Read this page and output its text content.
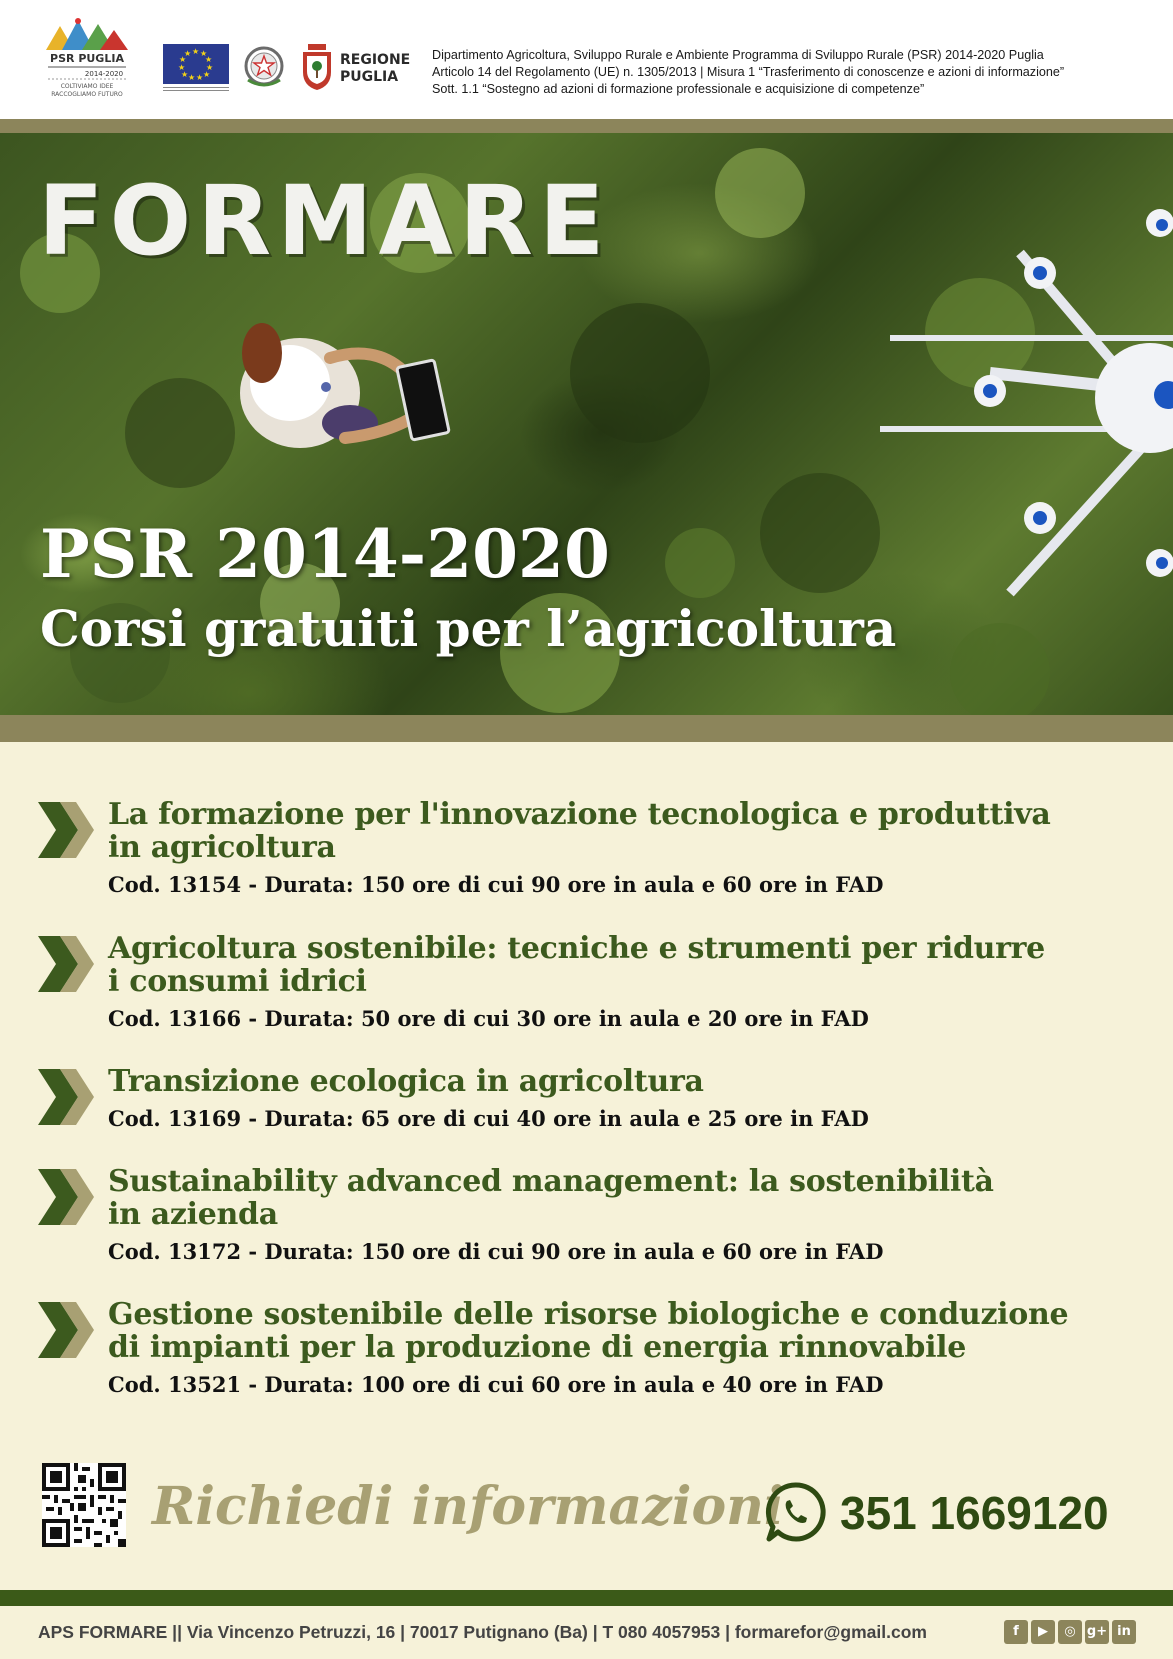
PSR PUGLIA
2014-2020
COLTIVIAMO IDEE
RACCOGLIAMO FUTURO
★ ★
★
★
★
★
★
★
★
★
★	REGIONE
PUGLIA
Dipartimento Agricoltura, Sviluppo Rurale e Ambiente Programma di Sviluppo Rurale (PSR) 2014-2020 Puglia
Articolo 14 del Regolamento (UE) n. 1305/2013 | Misura 1 “Trasferimento di conoscenze e azioni di informazione”
Sott. 1.1 “Sostegno ad azioni di formazione professionale e acquisizione di competenze”
FORMARE
PSR 2014-2020
Corsi gratuiti per l’agricoltura
La formazione per l'innovazione tecnologica e produttiva
in agricoltura
Cod. 13154 - Durata: 150 ore di cui 90 ore in aula e 60 ore in FAD
Agricoltura sostenibile: tecniche e strumenti per ridurre
i consumi idrici
Cod. 13166 - Durata: 50 ore di cui 30 ore in aula e 20 ore in FAD
Transizione ecologica in agricoltura
Cod. 13169 - Durata: 65 ore di cui 40 ore in aula e 25 ore in FAD
Sustainability advanced management: la sostenibilità
in azienda
Cod. 13172 - Durata: 150 ore di cui 90 ore in aula e 60 ore in FAD
Gestione sostenibile delle risorse biologiche e conduzione
di impianti per la produzione di energia rinnovabile
Cod. 13521 - Durata: 100 ore di cui 60 ore in aula e 40 ore in FAD
Richiedi informazioni 351 1669120
APS FORMARE || Via Vincenzo Petruzzi, 16 | 70017 Putignano (Ba) | T 080 4057953 | formarefor@gmail.com	f	▶	◎ g+ in
